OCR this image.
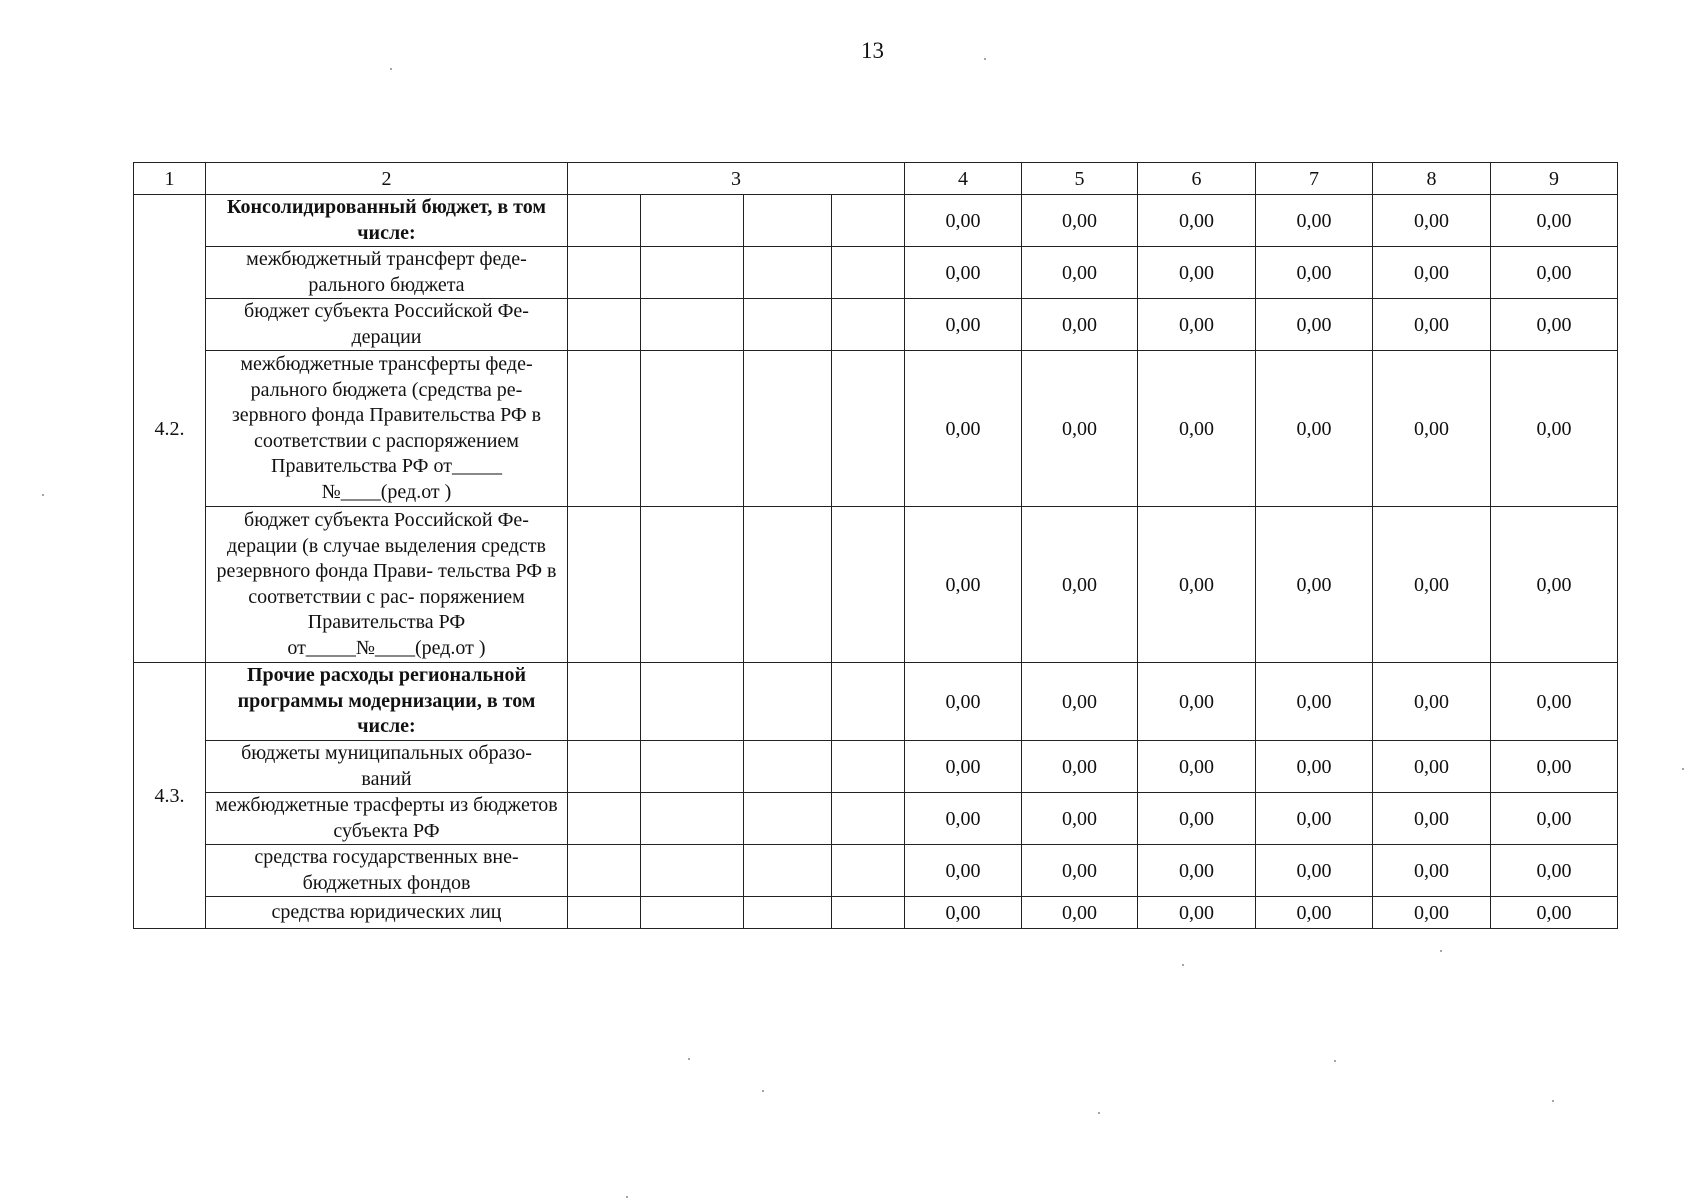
13
1	2	3				4	5	6	7	8	9
4.2.	Консолидированный бюджет, в том числе:					0,00	0,00	0,00	0,00	0,00	0,00
	межбюджетный трансферт феде- рального бюджета					0,00	0,00	0,00	0,00	0,00	0,00
	бюджет субъекта Российской Фе- дерации					0,00	0,00	0,00	0,00	0,00	0,00
	межбюджетные трансферты феде- рального бюджета (средства ре- зервного фонда Правительства РФ в соответствии с распоряжением Правительства РФ от_____ №____(ред.от )					0,00	0,00	0,00	0,00	0,00	0,00
	бюджет субъекта Российской Фе- дерации (в случае выделения средств резервного фонда Прави- тельства РФ в соответствии с рас- поряжением Правительства РФ от_____№____(ред.от )					0,00	0,00	0,00	0,00	0,00	0,00
4.3.	Прочие расходы региональной программы модернизации, в том числе:					0,00	0,00	0,00	0,00	0,00	0,00
	бюджеты муниципальных образо- ваний					0,00	0,00	0,00	0,00	0,00	0,00
	межбюджетные трасферты из бюджетов субъекта РФ					0,00	0,00	0,00	0,00	0,00	0,00
	средства государственных вне- бюджетных фондов					0,00	0,00	0,00	0,00	0,00	0,00
	средства юридических лиц					0,00	0,00	0,00	0,00	0,00	0,00
